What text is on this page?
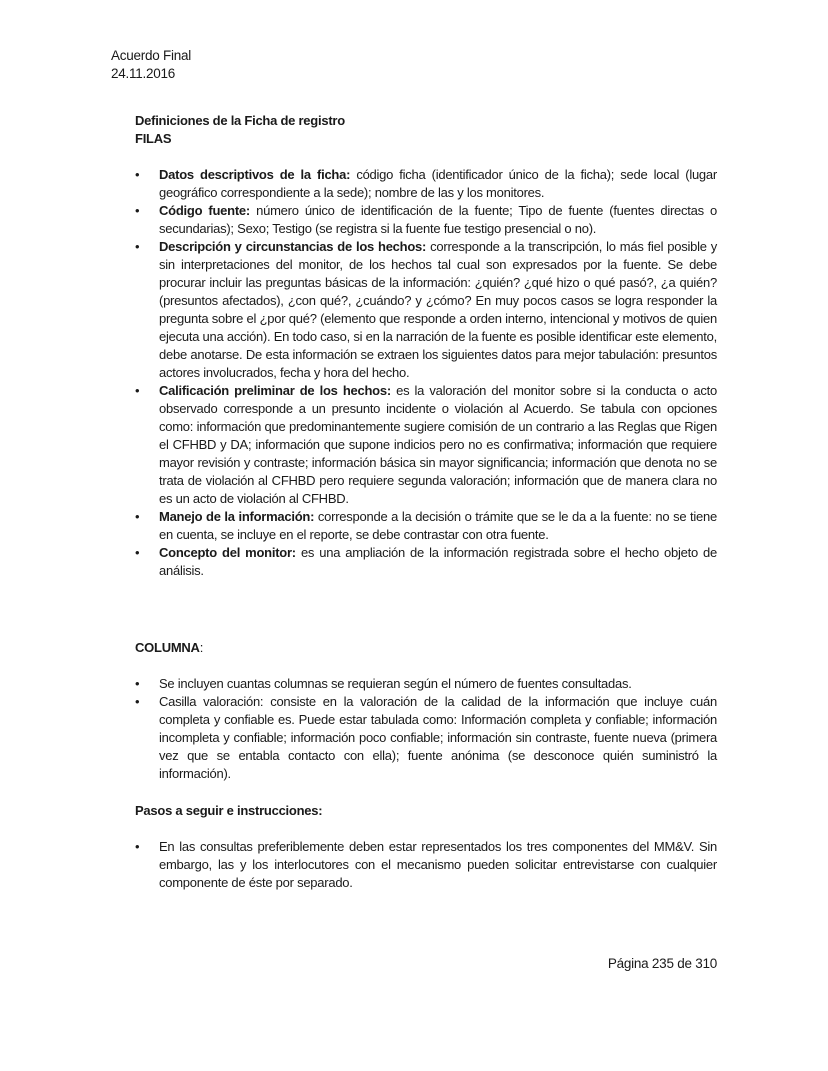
Acuerdo Final
24.11.2016
Definiciones de la Ficha de registro
FILAS
• Datos descriptivos de la ficha: código ficha (identificador único de la ficha); sede local (lugar geográfico correspondiente a la sede); nombre de las y los monitores.
• Código fuente: número único de identificación de la fuente; Tipo de fuente (fuentes directas o secundarias); Sexo; Testigo (se registra si la fuente fue testigo presencial o no).
• Descripción y circunstancias de los hechos: corresponde a la transcripción, lo más fiel posible y sin interpretaciones del monitor, de los hechos tal cual son expresados por la fuente. Se debe procurar incluir las preguntas básicas de la información: ¿quién? ¿qué hizo o qué pasó?, ¿a quién? (presuntos afectados), ¿con qué?, ¿cuándo? y ¿cómo? En muy pocos casos se logra responder la pregunta sobre el ¿por qué? (elemento que responde a orden interno, intencional y motivos de quien ejecuta una acción). En todo caso, si en la narración de la fuente es posible identificar este elemento, debe anotarse. De esta información se extraen los siguientes datos para mejor tabulación: presuntos actores involucrados, fecha y hora del hecho.
• Calificación preliminar de los hechos: es la valoración del monitor sobre si la conducta o acto observado corresponde a un presunto incidente o violación al Acuerdo. Se tabula con opciones como: información que predominantemente sugiere comisión de un contrario a las Reglas que Rigen el CFHBD y DA; información que supone indicios pero no es confirmativa; información que requiere mayor revisión y contraste; información básica sin mayor significancia; información que denota no se trata de violación al CFHBD pero requiere segunda valoración; información que de manera clara no es un acto de violación al CFHBD.
• Manejo de la información: corresponde a la decisión o trámite que se le da a la fuente: no se tiene en cuenta, se incluye en el reporte, se debe contrastar con otra fuente.
• Concepto del monitor: es una ampliación de la información registrada sobre el hecho objeto de análisis.
COLUMNA:
• Se incluyen cuantas columnas se requieran según el número de fuentes consultadas.
• Casilla valoración: consiste en la valoración de la calidad de la información que incluye cuán completa y confiable es. Puede estar tabulada como: Información completa y confiable; información incompleta y confiable; información poco confiable; información sin contraste, fuente nueva (primera vez que se entabla contacto con ella); fuente anónima (se desconoce quién suministró la información).
Pasos a seguir e instrucciones:
• En las consultas preferiblemente deben estar representados los tres componentes del MM&V. Sin embargo, las y los interlocutores con el mecanismo pueden solicitar entrevistarse con cualquier componente de éste por separado.
Página 235 de 310
